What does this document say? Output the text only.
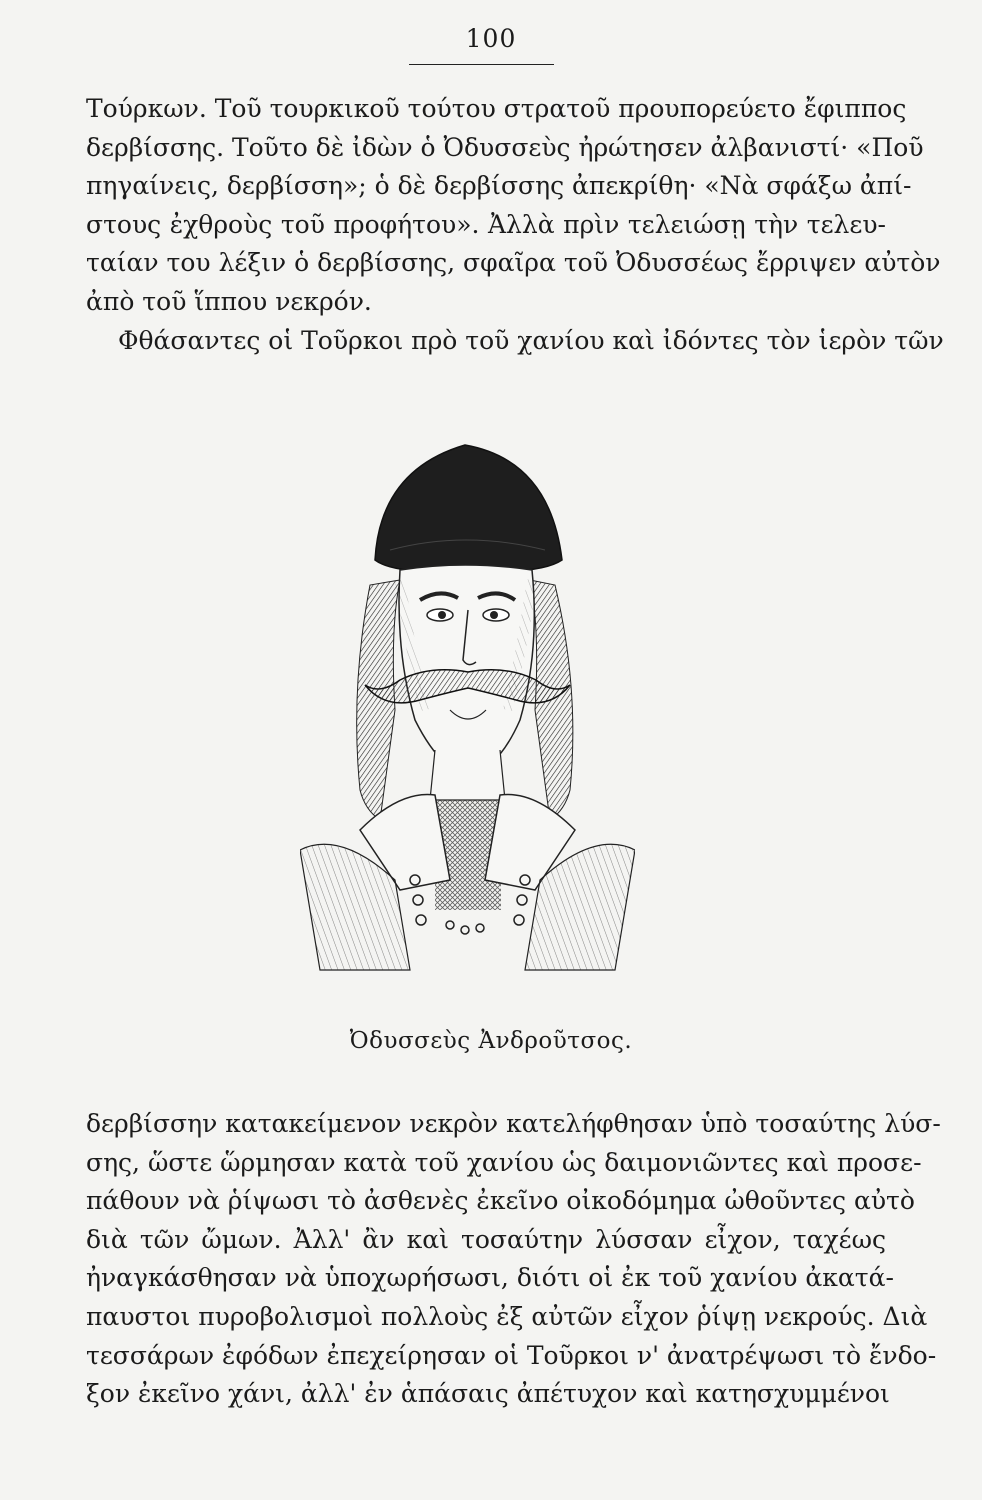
100
Τούρκων. Τοῦ τουρκικοῦ τούτου στρατοῦ προυπορεύετο ἔφιππος
δερβίσσης. Τοῦτο δὲ ἰδὼν ὁ Ὀδυσσεὺς ἠρώτησεν ἀλβανιστί· «Ποῦ
πηγαίνεις, δερβίσση»; ὁ δὲ δερβίσσης ἀπεκρίθη· «Νὰ σφάξω ἀπί-
στους ἐχθροὺς τοῦ προφήτου». Ἀλλὰ πρὶν τελειώσῃ τὴν τελευ-
ταίαν του λέξιν ὁ δερβίσσης, σφαῖρα τοῦ Ὀδυσσέως ἔρριψεν αὐτὸν
ἀπὸ τοῦ ἵππου νεκρόν.
Φθάσαντες οἱ Τοῦρκοι πρὸ τοῦ χανίου καὶ ἰδόντες τὸν ἱερὸν τῶν
Ὀδυσσεὺς Ἀνδροῦτσος.
δερβίσσην κατακείμενον νεκρὸν κατελήφθησαν ὑπὸ τοσαύτης λύσ-
σης, ὥστε ὥρμησαν κατὰ τοῦ χανίου ὡς δαιμονιῶντες καὶ προσε-
πάθουν νὰ ῥίψωσι τὸ ἀσθενὲς ἐκεῖνο οἰκοδόμημα ὠθοῦντες αὐτὸ
διὰ τῶν ὤμων. Ἀλλ' ἂν καὶ τοσαύτην λύσσαν εἶχον, ταχέως
ἠναγκάσθησαν νὰ ὑποχωρήσωσι, διότι οἱ ἐκ τοῦ χανίου ἀκατά-
παυστοι πυροβολισμοὶ πολλοὺς ἐξ αὐτῶν εἶχον ῥίψῃ νεκρούς. Διὰ
τεσσάρων ἐφόδων ἐπεχείρησαν οἱ Τοῦρκοι ν' ἀνατρέψωσι τὸ ἔνδο-
ξον ἐκεῖνο χάνι, ἀλλ' ἐν ἁπάσαις ἀπέτυχον καὶ κατησχυμμένοι
